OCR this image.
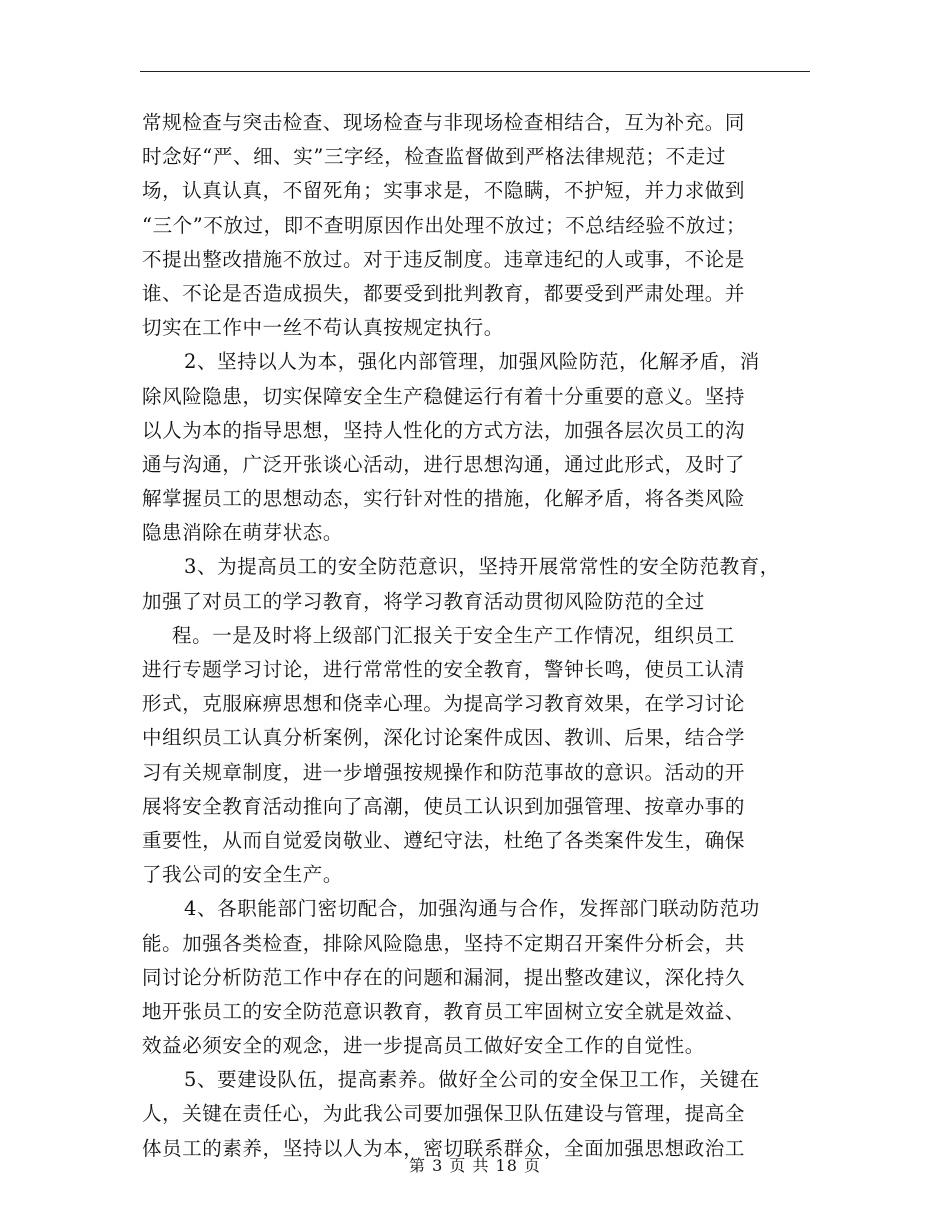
常规检查与突击检查、现场检查与非现场检查相结合，互为补充。同
时念好“严、细、实”三字经，检查监督做到严格法律规范；不走过
场，认真认真，不留死角；实事求是，不隐瞒，不护短，并力求做到
“三个”不放过，即不查明原因作出处理不放过；不总结经验不放过；
不提出整改措施不放过。对于违反制度。违章违纪的人或事，不论是
谁、不论是否造成损失，都要受到批判教育，都要受到严肃处理。并
切实在工作中一丝不苟认真按规定执行。
2、坚持以人为本，强化内部管理，加强风险防范，化解矛盾，消
除风险隐患，切实保障安全生产稳健运行有着十分重要的意义。坚持
以人为本的指导思想，坚持人性化的方式方法，加强各层次员工的沟
通与沟通，广泛开张谈心活动，进行思想沟通，通过此形式，及时了
解掌握员工的思想动态，实行针对性的措施，化解矛盾，将各类风险
隐患消除在萌芽状态。
3、为提高员工的安全防范意识，坚持开展常常性的安全防范教育，
加强了对员工的学习教育，将学习教育活动贯彻风险防范的全过
程。一是及时将上级部门汇报关于安全生产工作情况，组织员工
进行专题学习讨论，进行常常性的安全教育，警钟长鸣，使员工认清
形式，克服麻痹思想和侥幸心理。为提高学习教育效果，在学习讨论
中组织员工认真分析案例，深化讨论案件成因、教训、后果，结合学
习有关规章制度，进一步增强按规操作和防范事故的意识。活动的开
展将安全教育活动推向了高潮，使员工认识到加强管理、按章办事的
重要性，从而自觉爱岗敬业、遵纪守法，杜绝了各类案件发生，确保
了我公司的安全生产。
4、各职能部门密切配合，加强沟通与合作，发挥部门联动防范功
能。加强各类检查，排除风险隐患，坚持不定期召开案件分析会，共
同讨论分析防范工作中存在的问题和漏洞，提出整改建议，深化持久
地开张员工的安全防范意识教育，教育员工牢固树立安全就是效益、
效益必须安全的观念，进一步提高员工做好安全工作的自觉性。
5、要建设队伍，提高素养。做好全公司的安全保卫工作，关键在
人，关键在责任心，为此我公司要加强保卫队伍建设与管理，提高全
体员工的素养，坚持以人为本，密切联系群众，全面加强思想政治工
第 3 页 共 18 页
